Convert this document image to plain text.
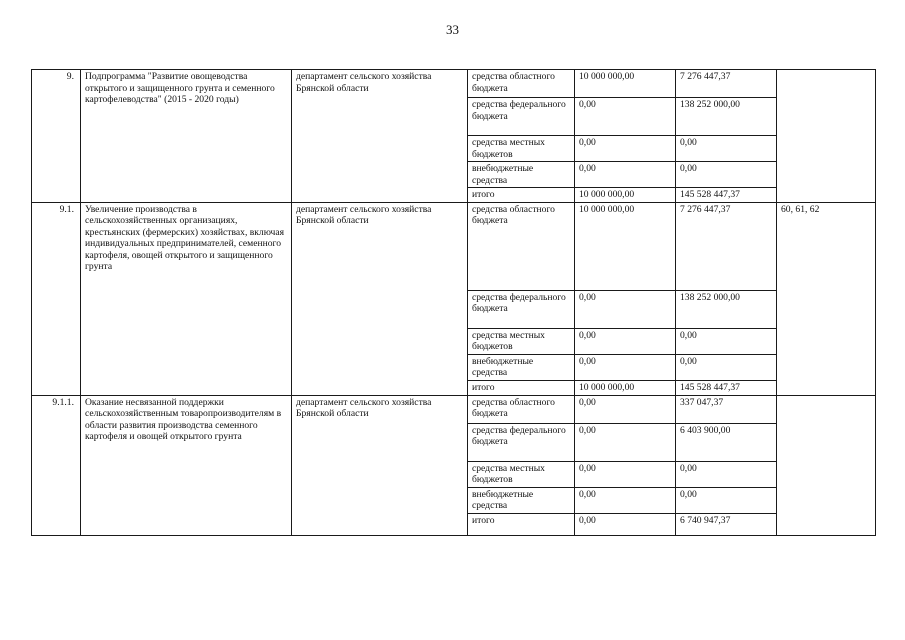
33
9.	Подпрограмма "Развитие овощеводства открытого и защищенного грунта и семенного картофелеводства" (2015 - 2020 годы)	департамент сельского хозяйства Брянской области	средства областного бюджета	10 000 000,00	7 276 447,37	
			средства федерального бюджета	0,00	138 252 000,00	
			средства местных бюджетов	0,00	0,00	
			внебюджетные средства	0,00	0,00	
			итого	10 000 000,00	145 528 447,37	
9.1.	Увеличение производства в сельскохозяйственных организациях, крестьянских (фермерских) хозяйствах, включая индивидуальных предпринимателей, семенного картофеля, овощей открытого и защищенного грунта	департамент сельского хозяйства Брянской области	средства областного бюджета	10 000 000,00	7 276 447,37	60, 61, 62
			средства федерального бюджета	0,00	138 252 000,00	
			средства местных бюджетов	0,00	0,00	
			внебюджетные средства	0,00	0,00	
			итого	10 000 000,00	145 528 447,37	
9.1.1.	Оказание несвязанной поддержки сельскохозяйственным товаропроизводителям в области развития производства семенного картофеля и овощей открытого грунта	департамент сельского хозяйства Брянской области	средства областного бюджета	0,00	337 047,37	
			средства федерального бюджета	0,00	6 403 900,00	
			средства местных бюджетов	0,00	0,00	
			внебюджетные средства	0,00	0,00	
			итого	0,00	6 740 947,37	
